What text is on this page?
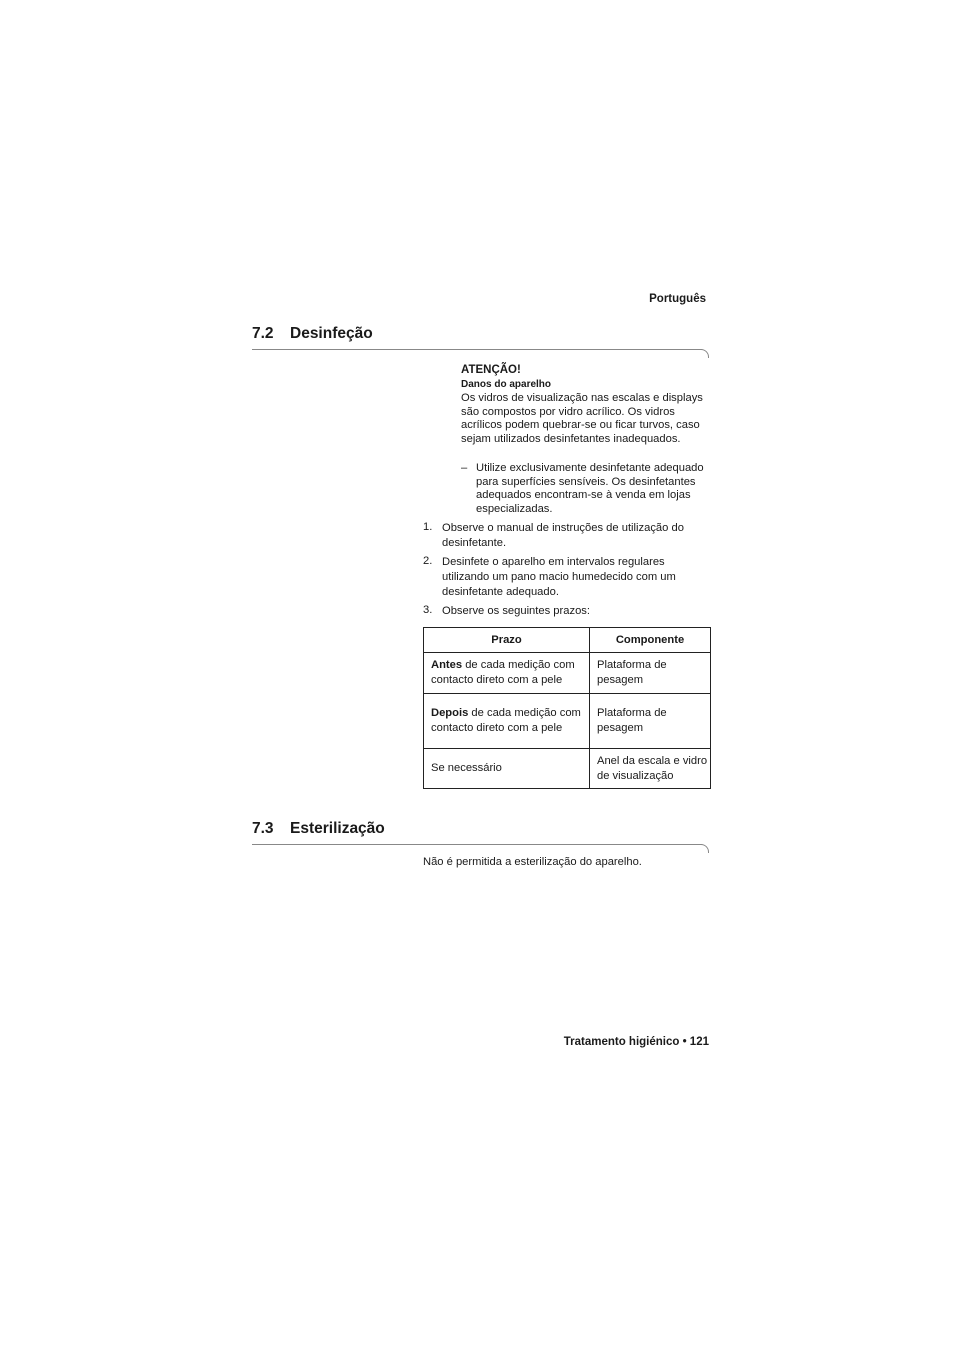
Português
7.2 Desinfeção
ATENÇÃO!
Danos do aparelho
Os vidros de visualização nas escalas e displays são compostos por vidro acrílico. Os vidros acrílicos podem quebrar-se ou ficar turvos, caso sejam utilizados desinfetantes inadequados.
– Utilize exclusivamente desinfetante adequado para superfícies sensíveis. Os desinfetantes adequados encontram-se à venda em lojas especializadas.
1. Observe o manual de instruções de utilização do desinfetante.
2. Desinfete o aparelho em intervalos regulares utilizando um pano macio humedecido com um desinfetante adequado.
3. Observe os seguintes prazos:
Prazo	Componente
Antes de cada medição com contacto direto com a pele	Plataforma de pesagem
Depois de cada medição com contacto direto com a pele	Plataforma de pesagem
Se necessário	Anel da escala e vidro de visualização
7.3 Esterilização
Não é permitida a esterilização do aparelho.
Tratamento higiénico • 121
